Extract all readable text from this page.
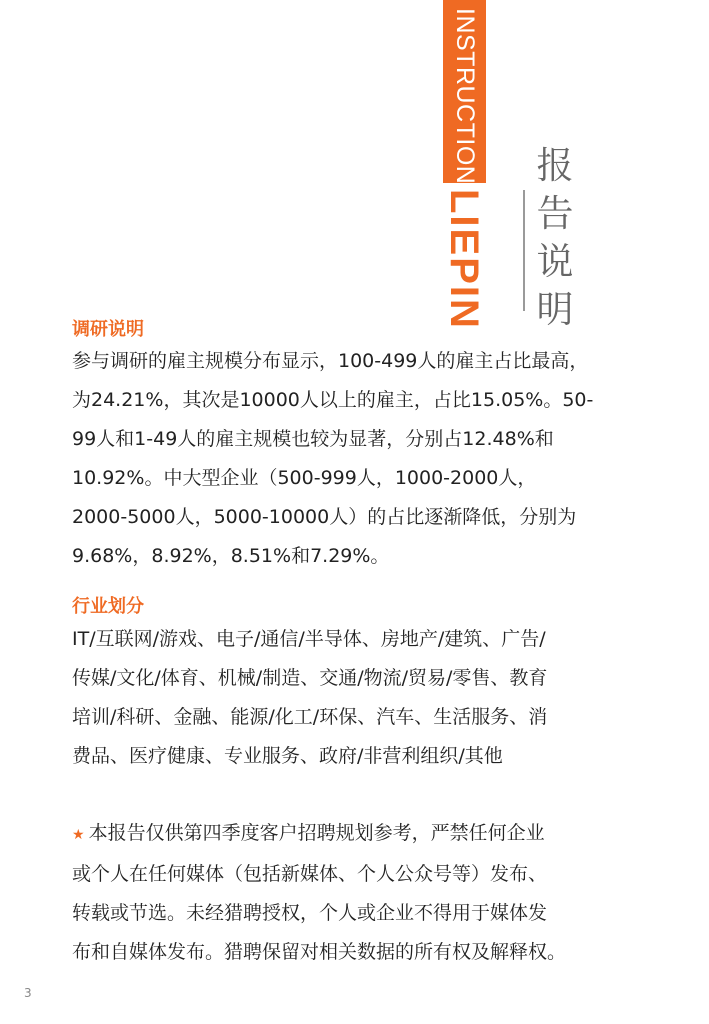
INSTRUCTION
LIEPIN
报
告
说
明
调研说明
参与调研的雇主规模分布显示，100-499人的雇主占比最高，
为24.21%，其次是10000人以上的雇主，占比15.05%。50-
99人和1-49人的雇主规模也较为显著，分别占12.48%和
10.92%。中大型企业（500-999人，1000-2000人，
2000-5000人，5000-10000人）的占比逐渐降低，分别为
9.68%，8.92%，8.51%和7.29%。
行业划分
IT/互联网/游戏、电子/通信/半导体、房地产/建筑、广告/
传媒/文化/体育、机械/制造、交通/物流/贸易/零售、教育
培训/科研、金融、能源/化工/环保、汽车、生活服务、消
费品、医疗健康、专业服务、政府/非营利组织/其他
★ 本报告仅供第四季度客户招聘规划参考，严禁任何企业
或个人在任何媒体（包括新媒体、个人公众号等）发布、
转载或节选。未经猎聘授权，个人或企业不得用于媒体发
布和自媒体发布。猎聘保留对相关数据的所有权及解释权。
3
